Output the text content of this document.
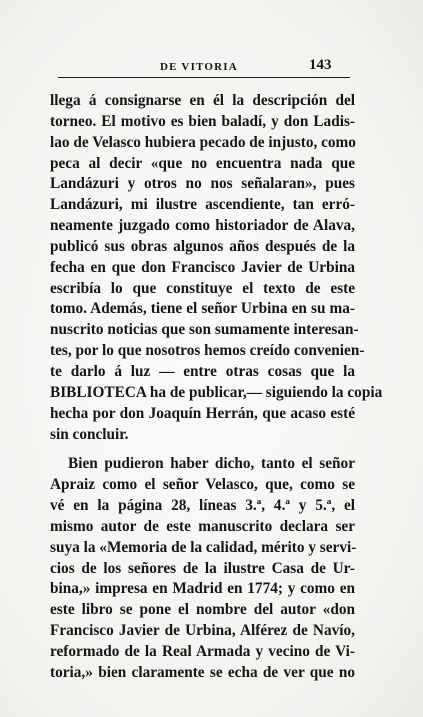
DE VITORIA	143
llega á consignarse en él la descripción del
torneo. El motivo es bien baladí, y don Ladis-
lao de Velasco hubiera pecado de injusto, como
peca al decir «que no encuentra nada que
Landázuri y otros no nos señalaran», pues
Landázuri, mi ilustre ascendiente, tan erró-
neamente juzgado como historiador de Alava,
publicó sus obras algunos años después de la
fecha en que don Francisco Javier de Urbina
escribía lo que constituye el texto de este
tomo. Además, tiene el señor Urbina en su ma-
nuscrito noticias que son sumamente interesan-
tes, por lo que nosotros hemos creído convenien-
te darlo á luz — entre otras cosas que la
BIBLIOTECA ha de publicar,— siguiendo la copia
hecha por don Joaquín Herrán, que acaso esté
sin concluir.
Bien pudieron haber dicho, tanto el señor
Apraiz como el señor Velasco, que, como se
vé en la página 28, líneas 3.ª, 4.ª y 5.ª, el
mismo autor de este manuscrito declara ser
suya la «Memoria de la calidad, mérito y servi-
cios de los señores de la ilustre Casa de Ur-
bina,» impresa en Madrid en 1774; y como en
este libro se pone el nombre del autor «don
Francisco Javier de Urbina, Alférez de Navío,
reformado de la Real Armada y vecino de Vi-
toria,» bien claramente se echa de ver que no
